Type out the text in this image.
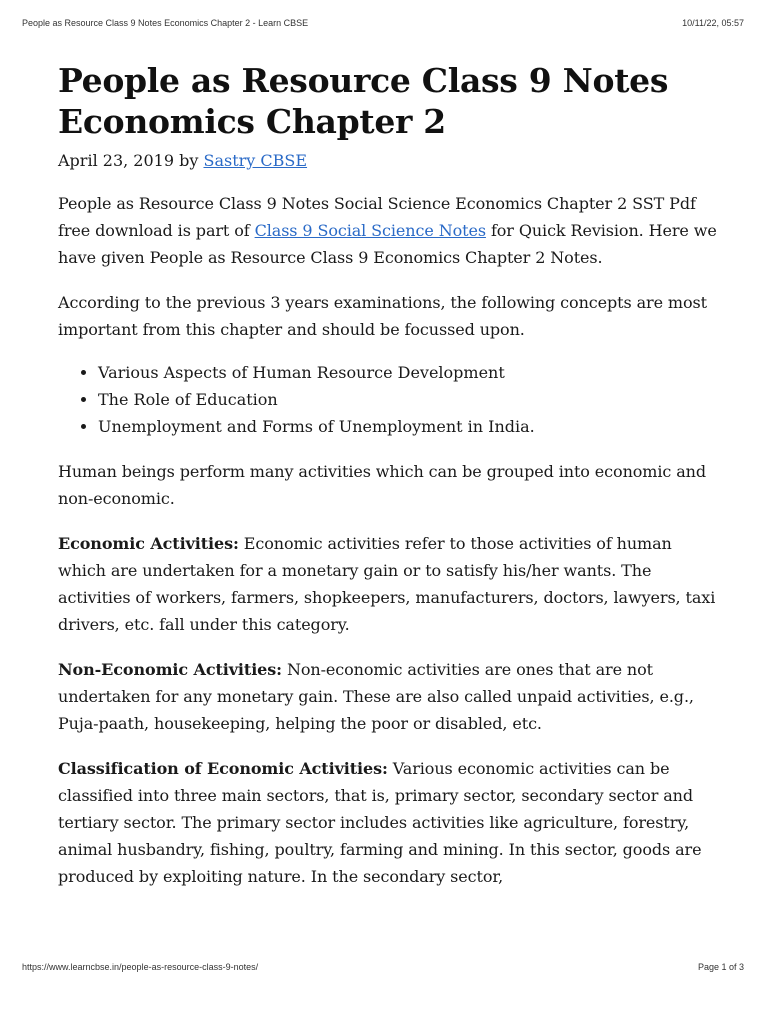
People as Resource Class 9 Notes Economics Chapter 2 - Learn CBSE	10/11/22, 05:57
People as Resource Class 9 Notes Economics Chapter 2
April 23, 2019 by Sastry CBSE

People as Resource Class 9 Notes Social Science Economics Chapter 2 SST Pdf free download is part of Class 9 Social Science Notes for Quick Revision. Here we have given People as Resource Class 9 Economics Chapter 2 Notes.

According to the previous 3 years examinations, the following concepts are most important from this chapter and should be focussed upon.

• Various Aspects of Human Resource Development
• The Role of Education
• Unemployment and Forms of Unemployment in India.

Human beings perform many activities which can be grouped into economic and non-economic.

Economic Activities: Economic activities refer to those activities of human which are undertaken for a monetary gain or to satisfy his/her wants. The activities of workers, farmers, shopkeepers, manufacturers, doctors, lawyers, taxi drivers, etc. fall under this category.

Non-Economic Activities: Non-economic activities are ones that are not undertaken for any monetary gain. These are also called unpaid activities, e.g., Puja-paath, housekeeping, helping the poor or disabled, etc.

Classification of Economic Activities: Various economic activities can be classified into three main sectors, that is, primary sector, secondary sector and tertiary sector. The primary sector includes activities like agriculture, forestry, animal husbandry, fishing, poultry, farming and mining. In this sector, goods are produced by exploiting nature. In the secondary sector,

https://www.learncbse.in/people-as-resource-class-9-notes/	Page 1 of 3
